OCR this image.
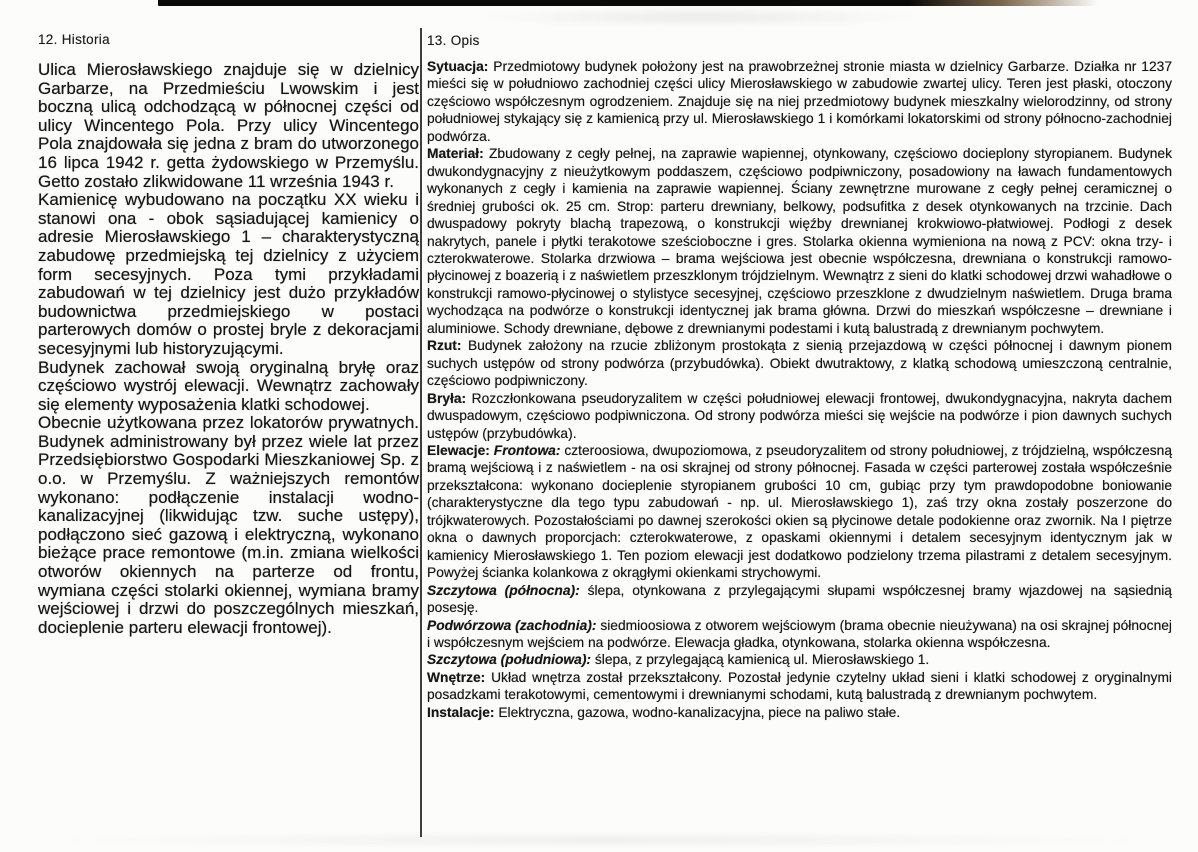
12. Historia	13. Opis

Ulica Mierosławskiego znajduje się w dzielnicy Garbarze, na Przedmieściu Lwowskim i jest boczną ulicą odchodzącą w północnej części od ulicy Wincentego Pola. Przy ulicy Wincentego Pola znajdowała się jedna z bram do utworzonego 16 lipca 1942 r. getta żydowskiego w Przemyślu. Getto zostało zlikwidowane 11 września 1943 r.

Kamienicę wybudowano na początku XX wieku i stanowi ona - obok sąsiadującej kamienicy o adresie Mierosławskiego 1 – charakterystyczną zabudowę przedmiejską tej dzielnicy z użyciem form secesyjnych. Poza tymi przykładami zabudowań w tej dzielnicy jest dużo przykładów budownictwa przedmiejskiego w postaci parterowych domów o prostej bryle z dekoracjami secesyjnymi lub historyzującymi.

Budynek zachował swoją oryginalną bryłę oraz częściowo wystrój elewacji. Wewnątrz zachowały się elementy wyposażenia klatki schodowej.

Obecnie użytkowana przez lokatorów prywatnych. Budynek administrowany był przez wiele lat przez Przedsiębiorstwo Gospodarki Mieszkaniowej Sp. z o.o. w Przemyślu. Z ważniejszych remontów wykonano: podłączenie instalacji wodno-kanalizacyjnej (likwidując tzw. suche ustępy), podłączono sieć gazową i elektryczną, wykonano bieżące prace remontowe (m.in. zmiana wielkości otworów okiennych na parterze od frontu, wymiana części stolarki okiennej, wymiana bramy wejściowej i drzwi do poszczególnych mieszkań, docieplenie parteru elewacji frontowej).

Sytuacja: Przedmiotowy budynek położony jest na prawobrzeżnej stronie miasta w dzielnicy Garbarze. Działka nr 1237 mieści się w południowo zachodniej części ulicy Mierosławskiego w zabudowie zwartej ulicy. Teren jest płaski, otoczony częściowo współczesnym ogrodzeniem. Znajduje się na niej przedmiotowy budynek mieszkalny wielorodzinny, od strony południowej stykający się z kamienicą przy ul. Mierosławskiego 1 i komórkami lokatorskimi od strony północno-zachodniej podwórza.

Materiał: Zbudowany z cegły pełnej, na zaprawie wapiennej, otynkowany, częściowo docieplony styropianem. Budynek dwukondygnacyjny z nieużytkowym poddaszem, częściowo podpiwniczony, posadowiony na ławach fundamentowych wykonanych z cegły i kamienia na zaprawie wapiennej. Ściany zewnętrzne murowane z cegły pełnej ceramicznej o średniej grubości ok. 25 cm. Strop: parteru drewniany, belkowy, podsufitka z desek otynkowanych na trzcinie. Dach dwuspadowy pokryty blachą trapezową, o konstrukcji więźby drewnianej krokwiowo-płatwiowej. Podłogi z desek nakrytych, panele i płytki terakotowe sześcioboczne i gres. Stolarka okienna wymieniona na nową z PCV: okna trzy- i czterokwaterowe. Stolarka drzwiowa – brama wejściowa jest obecnie współczesna, drewniana o konstrukcji ramowo-płycinowej z boazerią i z naświetlem przeszklonym trójdzielnym. Wewnątrz z sieni do klatki schodowej drzwi wahadłowe o konstrukcji ramowo-płycinowej o stylistyce secesyjnej, częściowo przeszklone z dwudzielnym naświetlem. Druga brama wychodząca na podwórze o konstrukcji identycznej jak brama główna. Drzwi do mieszkań współczesne – drewniane i aluminiowe. Schody drewniane, dębowe z drewnianymi podestami i kutą balustradą z drewnianym pochwytem.

Rzut: Budynek założony na rzucie zbliżonym prostokąta z sienią przejazdową w części północnej i dawnym pionem suchych ustępów od strony podwórza (przybudówka). Obiekt dwutraktowy, z klatką schodową umieszczoną centralnie, częściowo podpiwniczony.

Bryła: Rozczłonkowana pseudoryzalitem w części południowej elewacji frontowej, dwukondygnacyjna, nakryta dachem dwuspadowym, częściowo podpiwniczona. Od strony podwórza mieści się wejście na podwórze i pion dawnych suchych ustępów (przybudówka).

Elewacje: Frontowa: czteroosiowa, dwupoziomowa, z pseudoryzalitem od strony południowej, z trójdzielną, współczesną bramą wejściową i z naświetlem - na osi skrajnej od strony północnej. Fasada w części parterowej została współcześnie przekształcona: wykonano docieplenie styropianem grubości 10 cm, gubiąc przy tym prawdopodobne boniowanie (charakterystyczne dla tego typu zabudowań - np. ul. Mierosławskiego 1), zaś trzy okna zostały poszerzone do trójkwaterowych. Pozostałościami po dawnej szerokości okien są płycinowe detale podokienne oraz zwornik. Na I piętrze okna o dawnych proporcjach: czterokwaterowe, z opaskami okiennymi i detalem secesyjnym identycznym jak w kamienicy Mierosławskiego 1. Ten poziom elewacji jest dodatkowo podzielony trzema pilastrami z detalem secesyjnym. Powyżej ścianka kolankowa z okrągłymi okienkami strychowymi.

Szczytowa (północna): ślepa, otynkowana z przylegającymi słupami współczesnej bramy wjazdowej na sąsiednią posesję.

Podwórzowa (zachodnia): siedmioosiowa z otworem wejściowym (brama obecnie nieużywana) na osi skrajnej północnej i współczesnym wejściem na podwórze. Elewacja gładka, otynkowana, stolarka okienna współczesna.

Szczytowa (południowa): ślepa, z przylegającą kamienicą ul. Mierosławskiego 1.

Wnętrze: Układ wnętrza został przekształcony. Pozostał jedynie czytelny układ sieni i klatki schodowej z oryginalnymi posadzkami terakotowymi, cementowymi i drewnianymi schodami, kutą balustradą z drewnianym pochwytem.

Instalacje: Elektryczna, gazowa, wodno-kanalizacyjna, piece na paliwo stałe.
